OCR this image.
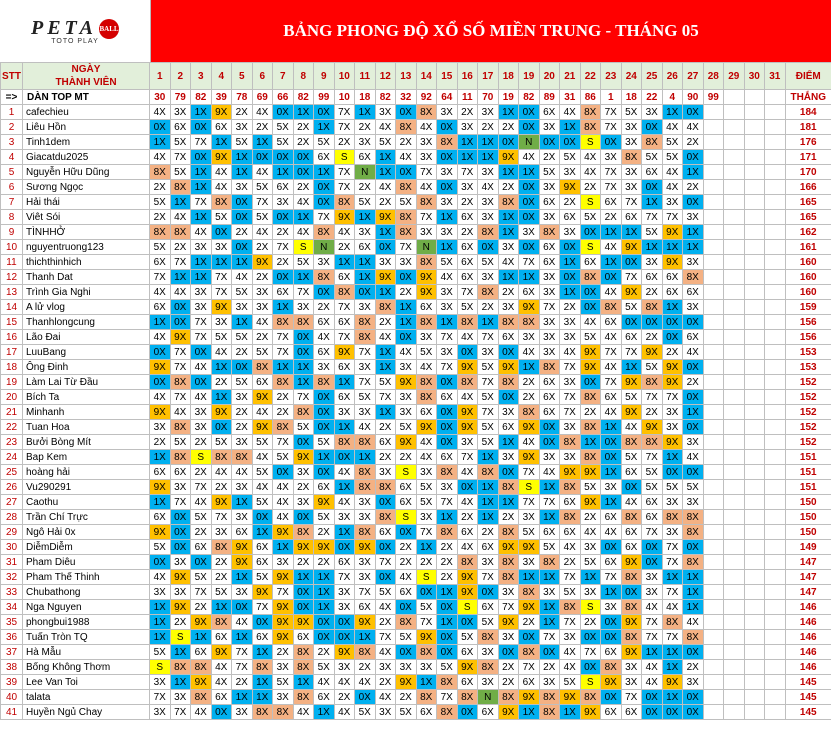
PETA BALL
TOTO PLAY
BẢNG PHONG ĐỘ XỔ SỐ MIỀN TRUNG - THÁNG 05
STT	NGÀY
THÀNH VIÊN	1	2	3	4	5	6	7	8	9	10	11	12	13	14	15	16	17	18	19	20	21	22	23	24	25	26	27	28	29	30	31	ĐIỂM
=>	DÀN TOP MT	30	79	82	39	78	69	66	82	99	10	18	82	32	92	64	11	70	19	82	89	31	86	1	18	22	4	90	99				THẮNG
1	cafechieu	4X	3X	1X	9X	2X	4X	0X	1X	0X	7X	1X	3X	0X	8X	3X	2X	3X	1X	0X	6X	4X	8X	7X	5X	3X	1X	0X					184
2	Liêu Hồn	0X	6X	0X	6X	3X	2X	5X	2X	1X	7X	2X	4X	8X	4X	0X	3X	2X	2X	0X	3X	1X	8X	7X	3X	0X	4X	4X					181
3	Tinh1dem	1X	5X	7X	1X	5X	1X	5X	2X	5X	2X	3X	5X	2X	3X	8X	1X	1X	0X	N	0X	0X	S	0X	3X	8X	5X	2X					176
4	Giacatdu2025	4X	7X	0X	9X	1X	0X	0X	0X	6X	S	6X	1X	4X	3X	0X	1X	1X	9X	4X	2X	5X	4X	3X	8X	5X	5X	0X					171
5	Nguyễn Hữu Dũng	8X	5X	1X	4X	1X	4X	1X	0X	1X	7X	N	1X	0X	7X	3X	7X	3X	1X	1X	5X	3X	4X	7X	3X	6X	4X	1X					170
6	Sương Ngọc	2X	8X	1X	4X	3X	5X	6X	2X	0X	7X	2X	4X	8X	4X	0X	3X	4X	2X	0X	3X	9X	2X	7X	3X	0X	4X	2X					166
7	Hải thái	5X	1X	7X	8X	0X	7X	3X	4X	0X	8X	5X	2X	5X	8X	3X	2X	3X	8X	0X	6X	2X	S	6X	7X	1X	3X	0X					165
8	Viêt Sói	2X	4X	1X	5X	0X	5X	0X	1X	7X	9X	1X	9X	8X	7X	1X	6X	3X	1X	0X	3X	6X	5X	2X	6X	7X	7X	3X					165
9	TÌNHHỞ	8X	8X	4X	0X	2X	4X	2X	4X	8X	4X	3X	1X	8X	3X	3X	2X	8X	1X	3X	8X	3X	0X	1X	1X	5X	9X	1X					162
10	nguyentruong123	5X	2X	3X	3X	0X	2X	7X	S	N	2X	6X	0X	7X	N	1X	6X	0X	3X	0X	6X	0X	S	4X	9X	1X	1X	1X					161
11	thichthinhich	6X	7X	1X	1X	1X	9X	2X	5X	3X	1X	1X	3X	3X	8X	5X	6X	5X	4X	7X	6X	1X	6X	1X	0X	3X	9X	3X					160
12	Thanh Dat	7X	1X	1X	7X	4X	2X	0X	1X	8X	6X	1X	9X	0X	9X	4X	6X	3X	1X	1X	3X	0X	8X	0X	7X	6X	6X	8X					160
13	Trình Gia Nghi	4X	4X	3X	7X	5X	3X	6X	7X	0X	8X	0X	1X	2X	9X	3X	7X	8X	2X	6X	3X	1X	0X	4X	9X	2X	6X	6X					160
14	A lử vlog	6X	0X	3X	9X	3X	3X	1X	3X	2X	7X	3X	8X	1X	6X	3X	5X	2X	3X	9X	7X	2X	0X	8X	5X	8X	1X	3X					159
15	Thanhlongcung	1X	0X	7X	3X	1X	4X	8X	8X	6X	6X	8X	2X	1X	8X	1X	8X	1X	8X	8X	3X	3X	4X	6X	0X	0X	0X	0X					156
16	Lão Đai	4X	9X	7X	5X	5X	2X	7X	0X	4X	7X	8X	4X	0X	3X	7X	4X	7X	6X	3X	3X	3X	5X	4X	6X	2X	0X	6X					156
17	LuuBang	0X	7X	0X	4X	2X	5X	7X	0X	6X	9X	7X	1X	4X	5X	3X	0X	3X	0X	4X	3X	4X	9X	7X	7X	9X	2X	4X					153
18	Ông Đinh	9X	7X	4X	1X	0X	8X	1X	1X	3X	6X	3X	1X	3X	4X	7X	9X	5X	9X	1X	8X	7X	9X	4X	1X	5X	9X	0X					153
19	Làm Lai Từ Đầu	0X	8X	0X	2X	5X	6X	8X	1X	8X	1X	7X	5X	9X	8X	0X	8X	7X	8X	2X	6X	3X	0X	7X	9X	8X	9X	2X					152
20	Bích Ta	4X	7X	4X	1X	3X	9X	2X	7X	0X	6X	5X	7X	3X	8X	6X	4X	5X	0X	2X	6X	7X	8X	6X	5X	7X	7X	0X					152
21	Minhanh	9X	4X	3X	9X	2X	4X	2X	8X	0X	3X	3X	1X	3X	6X	0X	9X	7X	3X	8X	6X	7X	2X	4X	9X	2X	3X	1X					152
22	Tuan Hoa	3X	8X	3X	0X	2X	9X	8X	5X	0X	1X	4X	2X	5X	9X	0X	9X	5X	6X	9X	0X	3X	8X	1X	4X	9X	3X	0X					152
23	Bưởi Bòng Mít	2X	5X	2X	5X	3X	5X	7X	0X	5X	8X	8X	6X	9X	4X	0X	3X	5X	1X	4X	0X	8X	1X	0X	8X	8X	9X	3X					152
24	Bap Kem	1X	8X	S	8X	8X	4X	5X	9X	1X	0X	1X	2X	2X	4X	6X	7X	1X	3X	9X	3X	3X	8X	0X	5X	7X	1X	4X					151
25	hoàng hải	6X	6X	2X	4X	4X	5X	0X	3X	0X	4X	8X	3X	S	3X	8X	4X	8X	0X	7X	4X	9X	9X	1X	6X	5X	0X	0X					151
26	Vu290291	9X	3X	7X	2X	3X	4X	4X	2X	6X	1X	8X	8X	6X	5X	3X	0X	1X	8X	S	1X	8X	5X	3X	0X	5X	5X	5X					151
27	Caothu	1X	7X	4X	9X	1X	5X	4X	3X	9X	4X	3X	0X	6X	5X	7X	4X	1X	1X	7X	7X	6X	9X	1X	4X	6X	3X	3X					150
28	Trần Chí Trực	6X	0X	5X	7X	3X	0X	4X	0X	5X	3X	3X	8X	S	3X	1X	2X	1X	2X	3X	1X	8X	2X	6X	8X	6X	8X	8X					150
29	Ngô Hải 0x	9X	0X	2X	3X	6X	1X	9X	8X	2X	1X	8X	6X	0X	7X	8X	6X	2X	8X	5X	6X	6X	4X	4X	6X	7X	3X	8X					150
30	DiễmDiễm	5X	0X	6X	8X	9X	6X	1X	9X	9X	0X	9X	0X	2X	1X	2X	4X	6X	9X	9X	5X	4X	3X	0X	6X	0X	7X	0X					149
31	Pham Diêu	0X	3X	0X	2X	9X	6X	3X	2X	2X	6X	3X	7X	2X	2X	2X	8X	3X	8X	3X	8X	2X	5X	6X	9X	0X	7X	8X					147
32	Pham Thế Thinh	4X	9X	5X	2X	1X	5X	9X	1X	1X	7X	3X	0X	4X	S	2X	9X	7X	8X	1X	1X	7X	1X	7X	8X	3X	1X	1X					147
33	Chubathong	3X	3X	7X	5X	3X	9X	7X	0X	1X	3X	7X	5X	6X	0X	1X	9X	0X	3X	8X	3X	5X	3X	1X	0X	3X	7X	1X					147
34	Nga Nguyen	1X	9X	2X	1X	0X	7X	9X	0X	1X	3X	6X	4X	0X	5X	0X	S	6X	7X	9X	1X	8X	S	3X	8X	4X	4X	1X					146
35	phongbui1988	1X	2X	9X	8X	4X	0X	9X	9X	0X	0X	9X	2X	8X	7X	1X	0X	5X	9X	2X	1X	7X	2X	0X	9X	7X	8X	4X					146
36	Tuấn Tròn TQ	1X	S	1X	6X	1X	6X	9X	6X	0X	0X	1X	7X	5X	9X	0X	5X	8X	3X	0X	7X	3X	0X	0X	8X	7X	7X	8X					146
37	Hà Mẫu	5X	1X	6X	9X	7X	1X	2X	8X	2X	9X	8X	4X	0X	8X	0X	6X	3X	0X	8X	0X	4X	7X	6X	9X	1X	1X	0X					146
38	Bống Không Thơm	S	8X	8X	4X	7X	8X	3X	8X	5X	3X	2X	3X	3X	3X	5X	9X	8X	2X	7X	2X	4X	0X	8X	3X	4X	1X	2X					146
39	Lee Van Toi	3X	1X	9X	4X	2X	1X	5X	1X	4X	4X	4X	2X	9X	1X	8X	6X	3X	2X	6X	3X	5X	S	9X	3X	4X	9X	3X					145
40	talata	7X	3X	8X	6X	1X	1X	3X	8X	6X	2X	0X	4X	2X	8X	7X	8X	N	8X	9X	8X	9X	8X	0X	7X	0X	1X	0X					145
41	Huyền Ngủ Chay	3X	7X	4X	0X	3X	8X	8X	4X	1X	4X	5X	3X	5X	6X	8X	0X	6X	9X	1X	8X	1X	9X	6X	6X	0X	0X	0X					145
